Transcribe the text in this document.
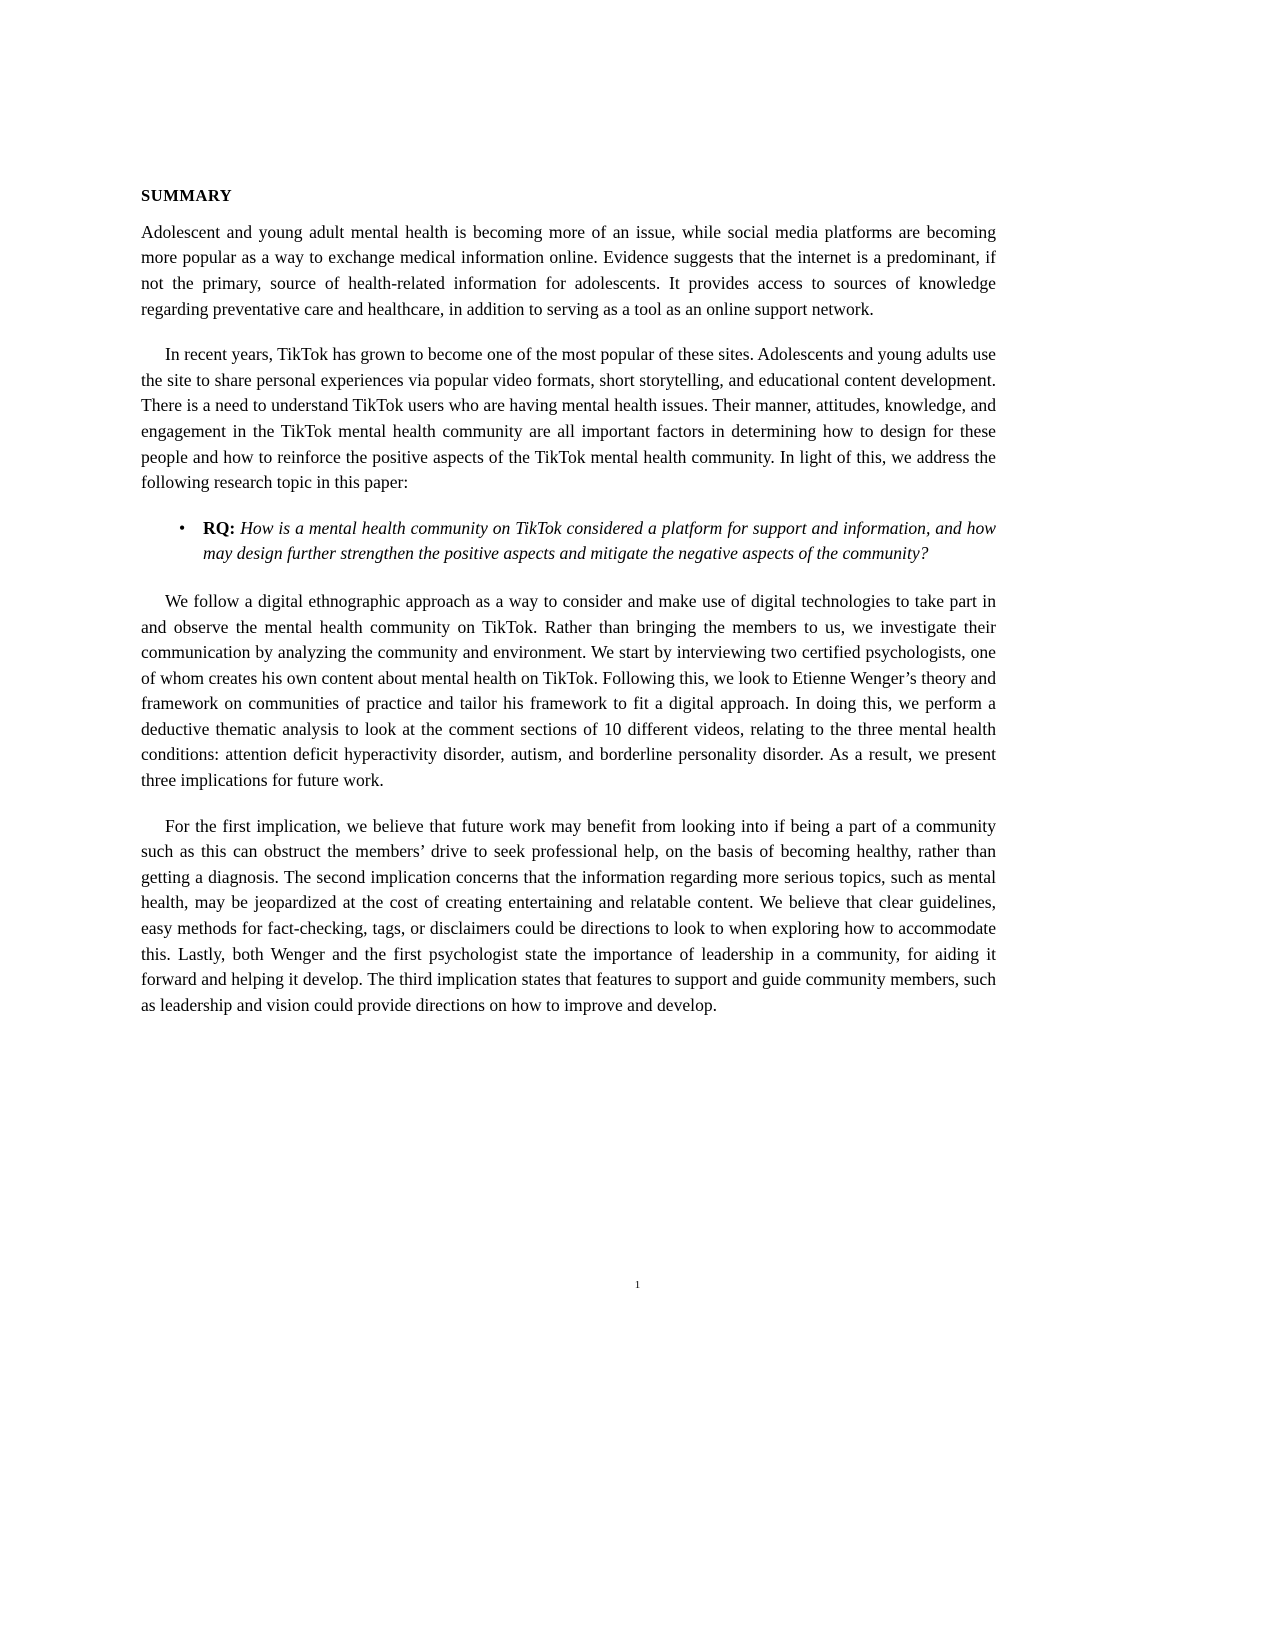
SUMMARY

Adolescent and young adult mental health is becoming more of an issue, while social media platforms are becoming more popular as a way to exchange medical information online. Evidence suggests that the internet is a predominant, if not the primary, source of health-related information for adolescents. It provides access to sources of knowledge regarding preventative care and healthcare, in addition to serving as a tool as an online support network.

In recent years, TikTok has grown to become one of the most popular of these sites. Adolescents and young adults use the site to share personal experiences via popular video formats, short storytelling, and educational content development. There is a need to understand TikTok users who are having mental health issues. Their manner, attitudes, knowledge, and engagement in the TikTok mental health community are all important factors in determining how to design for these people and how to reinforce the positive aspects of the TikTok mental health community. In light of this, we address the following research topic in this paper:

• RQ: How is a mental health community on TikTok considered a platform for support and information, and how may design further strengthen the positive aspects and mitigate the negative aspects of the community?

We follow a digital ethnographic approach as a way to consider and make use of digital technologies to take part in and observe the mental health community on TikTok. Rather than bringing the members to us, we investigate their communication by analyzing the community and environment. We start by interviewing two certified psychologists, one of whom creates his own content about mental health on TikTok. Following this, we look to Etienne Wenger’s theory and framework on communities of practice and tailor his framework to fit a digital approach. In doing this, we perform a deductive thematic analysis to look at the comment sections of 10 different videos, relating to the three mental health conditions: attention deficit hyperactivity disorder, autism, and borderline personality disorder. As a result, we present three implications for future work.

For the first implication, we believe that future work may benefit from looking into if being a part of a community such as this can obstruct the members’ drive to seek professional help, on the basis of becoming healthy, rather than getting a diagnosis. The second implication concerns that the information regarding more serious topics, such as mental health, may be jeopardized at the cost of creating entertaining and relatable content. We believe that clear guidelines, easy methods for fact-checking, tags, or disclaimers could be directions to look to when exploring how to accommodate this. Lastly, both Wenger and the first psychologist state the importance of leadership in a community, for aiding it forward and helping it develop. The third implication states that features to support and guide community members, such as leadership and vision could provide directions on how to improve and develop.

1
